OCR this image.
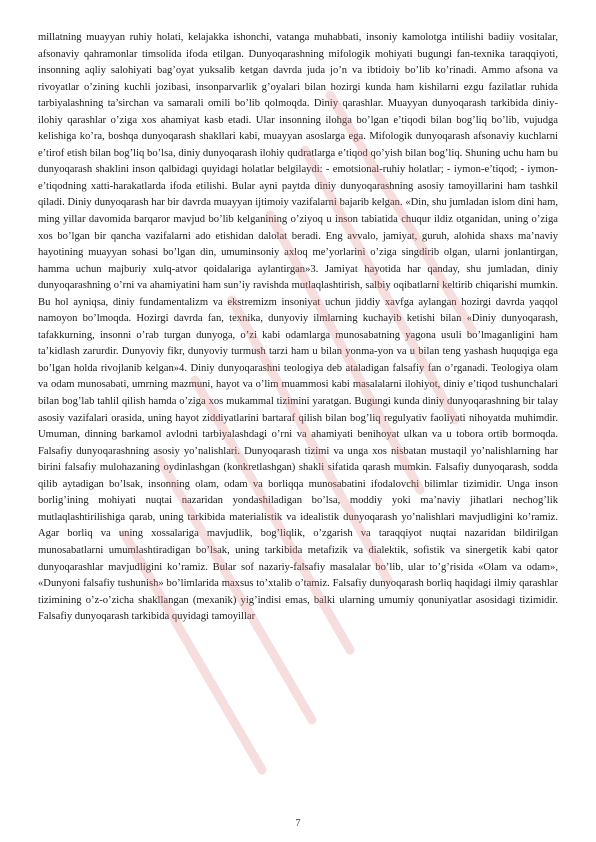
millatning muayyan ruhiy holati, kelajakka ishonchi, vatanga muhabbati, insoniy kamolotga intilishi badiiy vositalar, afsonaviy qahramonlar timsolida ifoda etilgan. Dunyoqarashning mifologik mohiyati bugungi fan-texnika taraqqiyoti, insonning aqliy salohiyati bag’oyat yuksalib ketgan davrda juda jo’n va ibtidoiy bo’lib ko’rinadi. Ammo afsona va rivoyatlar o’zining kuchli jozibasi, insonparvarlik g’oyalari bilan hozirgi kunda ham kishilarni ezgu fazilatlar ruhida tarbiyalashning ta’sirchan va samarali omili bo’lib qolmoqda. Diniy qarashlar. Muayyan dunyoqarash tarkibida diniy-ilohiy qarashlar o’ziga xos ahamiyat kasb etadi. Ular insonning ilohga bo’lgan e’tiqodi bilan bog’liq bo’lib, vujudga kelishiga ko’ra, boshqa dunyoqarash shakllari kabi, muayyan asoslarga ega. Mifologik dunyoqarash afsonaviy kuchlarni e’tirof etish bilan bog’liq bo’lsa, diniy dunyoqarash ilohiy qudratlarga e’tiqod qo’yish bilan bog’liq. Shuning uchu ham bu dunyoqarash shaklini inson qalbidagi quyidagi holatlar belgilaydi: - emotsional-ruhiy holatlar; - iymon-e’tiqod; - iymon-e’tiqodning xatti-harakatlarda ifoda etilishi. Bular ayni paytda diniy dunyoqarashning asosiy tamoyillarini ham tashkil qiladi. Diniy dunyoqarash har bir davrda muayyan ijtimoiy vazifalarni bajarib kelgan. «Din, shu jumladan islom dini ham, ming yillar davomida barqaror mavjud bo’lib kelganining o’ziyoq u inson tabiatida chuqur ildiz otganidan, uning o’ziga xos bo’lgan bir qancha vazifalarni ado etishidan dalolat beradi. Eng avvalo, jamiyat, guruh, alohida shaxs ma’naviy hayotining muayyan sohasi bo’lgan din, umuminsoniy axloq me’yorlarini o’ziga singdirib olgan, ularni jonlantirgan, hamma uchun majburiy xulq-atvor qoidalariga aylantirgan»3. Jamiyat hayotida har qanday, shu jumladan, diniy dunyoqarashning o’rni va ahamiyatini ham sun’iy ravishda mutlaqlashtirish, salbiy oqibatlarni keltirib chiqarishi mumkin. Bu hol ayniqsa, diniy fundamentalizm va ekstremizm insoniyat uchun jiddiy xavfga aylangan hozirgi davrda yaqqol namoyon bo’lmoqda. Hozirgi davrda fan, texnika, dunyoviy ilmlarning kuchayib ketishi bilan «Diniy dunyoqarash, tafakkurning, insonni o’rab turgan dunyoga, o’zi kabi odamlarga munosabatning yagona usuli bo’lmaganligini ham ta’kidlash zarurdir. Dunyoviy fikr, dunyoviy turmush tarzi ham u bilan yonma-yon va u bilan teng yashash huquqiga ega bo’lgan holda rivojlanib kelgan»4. Diniy dunyoqarashni teologiya deb ataladigan falsafiy fan o’rganadi. Teologiya olam va odam munosabati, umrning mazmuni, hayot va o’lim muammosi kabi masalalarni ilohiyot, diniy e’tiqod tushunchalari bilan bog’lab tahlil qilish hamda o’ziga xos mukammal tizimini yaratgan. Bugungi kunda diniy dunyoqarashning bir talay asosiy vazifalari orasida, uning hayot ziddiyatlarini bartaraf qilish bilan bog’liq regulyativ faoliyati nihoyatda muhimdir. Umuman, dinning barkamol avlodni tarbiyalashdagi o’rni va ahamiyati benihoyat ulkan va u tobora ortib bormoqda. Falsafiy dunyoqarashning asosiy yo’nalishlari. Dunyoqarash tizimi va unga xos nisbatan mustaqil yo’nalishlarning har birini falsafiy mulohazaning oydinlashgan (konkretlashgan) shakli sifatida qarash mumkin. Falsafiy dunyoqarash, sodda qilib aytadigan bo’lsak, insonning olam, odam va borliqqa munosabatini ifodalovchi bilimlar tizimidir. Unga inson borlig’ining mohiyati nuqtai nazaridan yondashiladigan bo’lsa, moddiy yoki ma’naviy jihatlari nechog’lik mutlaqlashtirilishiga qarab, uning tarkibida materialistik va idealistik dunyoqarash yo’nalishlari mavjudligini ko’ramiz. Agar borliq va uning xossalariga mavjudlik, bog’liqlik, o’zgarish va taraqqiyot nuqtai nazaridan bildirilgan munosabatlarni umumlashtiradigan bo’lsak, uning tarkibida metafizik va dialektik, sofistik va sinergetik kabi qator dunyoqarashlar mavjudligini ko’ramiz. Bular sof nazariy-falsafiy masalalar bo’lib, ular to’g’risida «Olam va odam», «Dunyoni falsafiy tushunish» bo’limlarida maxsus to’xtalib o’tamiz. Falsafiy dunyoqarash borliq haqidagi ilmiy qarashlar tizimining o’z-o’zicha shakllangan (mexanik) yig’indisi emas, balki ularning umumiy qonuniyatlar asosidagi tizimidir. Falsafiy dunyoqarash tarkibida quyidagi tamoyillar

7
